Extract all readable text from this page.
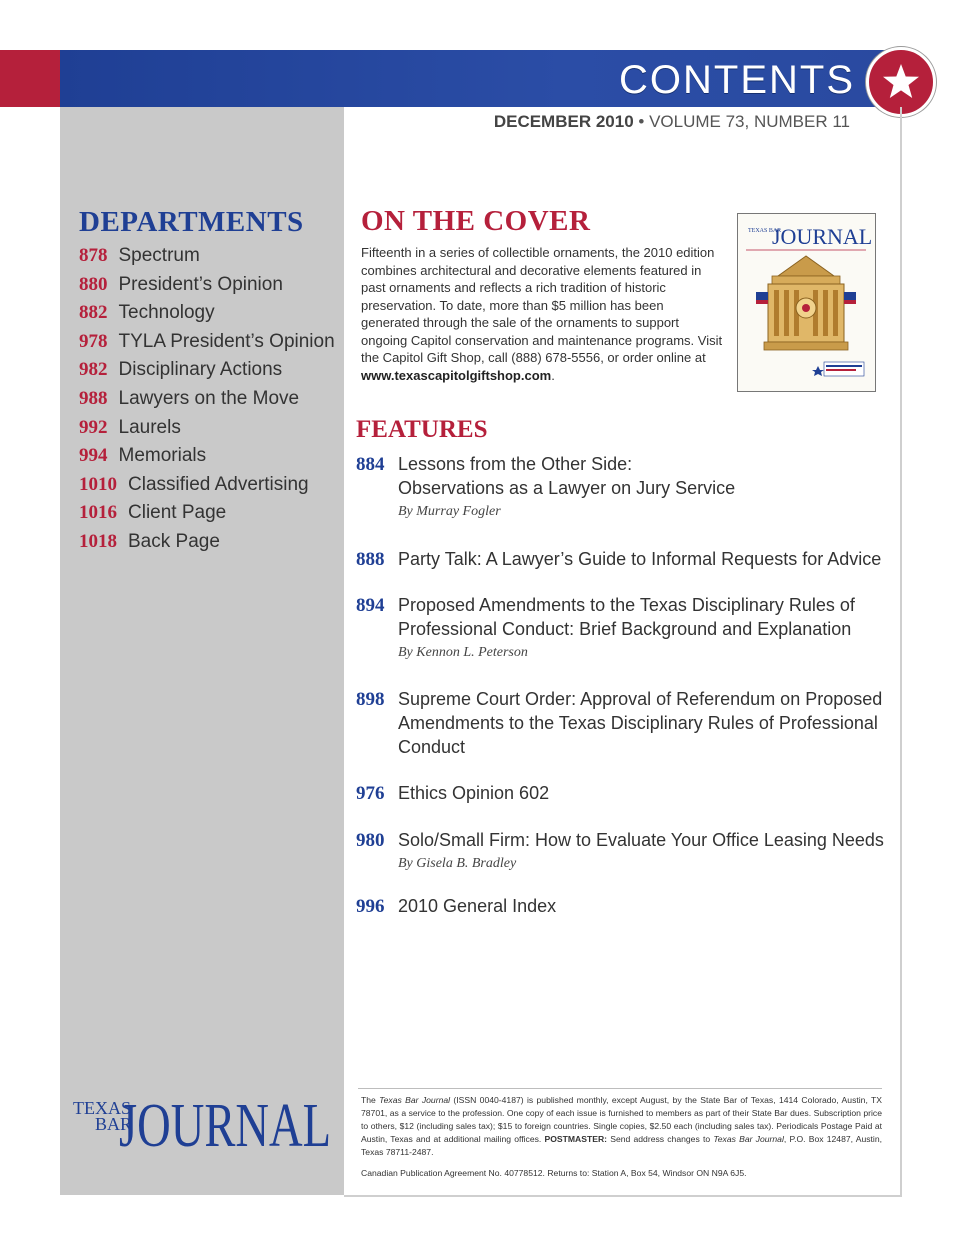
CONTENTS
DECEMBER 2010 • VOLUME 73, NUMBER 11
DEPARTMENTS
878 Spectrum
880 President’s Opinion
882 Technology
978 TYLA President’s Opinion
982 Disciplinary Actions
988 Lawyers on the Move
992 Laurels
994 Memorials
1010 Classified Advertising
1016 Client Page
1018 Back Page
ON THE COVER
Fifteenth in a series of collectible ornaments, the 2010 edition combines architectural and decorative elements featured in past ornaments and reflects a rich tradition of historic preservation. To date, more than $5 million has been generated through the sale of the ornaments to support ongoing Capitol conservation and maintenance programs. Visit the Capitol Gift Shop, call (888) 678-5556, or order online at www.texascapitolgiftshop.com.
TEXAS BAR
JOURNAL
FEATURES
884 Lessons from the Other Side:
Observations as a Lawyer on Jury Service
By Murray Fogler
888 Party Talk: A Lawyer’s Guide to Informal Requests for Advice
894 Proposed Amendments to the Texas Disciplinary Rules of
Professional Conduct: Brief Background and Explanation
By Kennon L. Peterson
898 Supreme Court Order: Approval of Referendum on Proposed
Amendments to the Texas Disciplinary Rules of Professional
Conduct
976 Ethics Opinion 602
980 Solo/Small Firm: How to Evaluate Your Office Leasing Needs
By Gisela B. Bradley
996 2010 General Index
TEXAS
BAR
JOURNAL	The Texas Bar Journal (ISSN 0040-4187) is published monthly, except August, by the State Bar of Texas, 1414 Colorado, Austin, TX 78701, as a service to the profession. One copy of each issue is furnished to members as part of their State Bar dues. Subscription price to others, $12 (including sales tax); $15 to foreign countries. Single copies, $2.50 each (including sales tax). Periodicals Postage Paid at Austin, Texas and at additional mailing offices. POSTMASTER: Send address changes to Texas Bar Journal, P.O. Box 12487, Austin, Texas 78711-2487.
Canadian Publication Agreement No. 40778512. Returns to: Station A, Box 54, Windsor ON N9A 6J5.
